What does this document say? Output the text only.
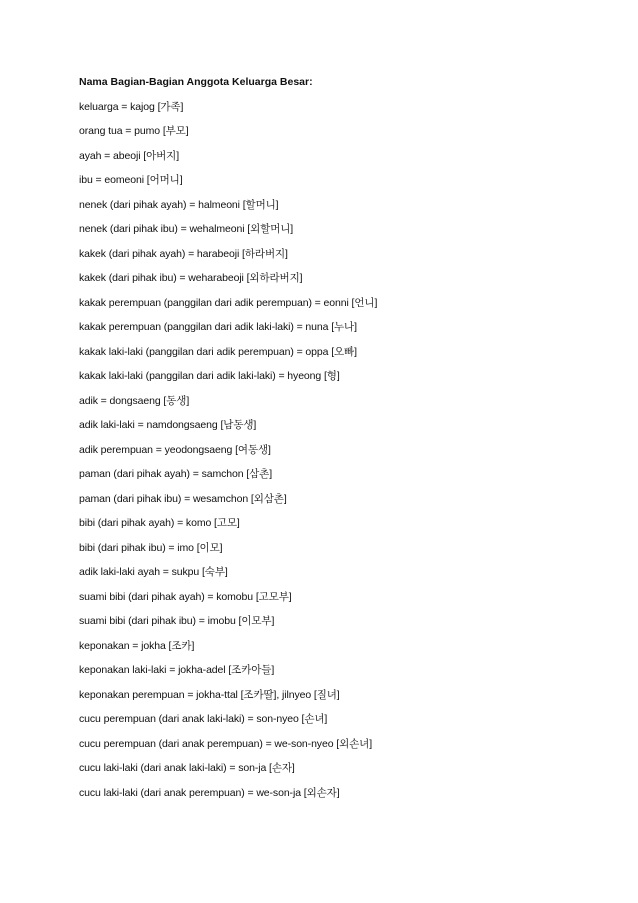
Nama Bagian-Bagian Anggota Keluarga Besar:
keluarga = kajog [가족]
orang tua = pumo [부모]
ayah = abeoji [아버지]
ibu = eomeoni [어머니]
nenek (dari pihak ayah) = halmeoni [할머니]
nenek (dari pihak ibu) = wehalmeoni [외할머니]
kakek (dari pihak ayah) = harabeoji [하라버지]
kakek (dari pihak ibu) = weharabeoji [외하라버지]
kakak perempuan (panggilan dari adik perempuan) = eonni [언니]
kakak perempuan (panggilan dari adik laki-laki) = nuna [누나]
kakak laki-laki (panggilan dari adik perempuan) = oppa [오빠]
kakak laki-laki (panggilan dari adik laki-laki) = hyeong [형]
adik = dongsaeng [동생]
adik laki-laki = namdongsaeng [남동생]
adik perempuan = yeodongsaeng [여동생]
paman (dari pihak ayah) = samchon [삼촌]
paman (dari pihak ibu) = wesamchon [외삼촌]
bibi (dari pihak ayah) = komo [고모]
bibi (dari pihak ibu) = imo [이모]
adik laki-laki ayah = sukpu [숙부]
suami bibi (dari pihak ayah) = komobu [고모부]
suami bibi (dari pihak ibu) = imobu [이모부]
keponakan = jokha [조카]
keponakan laki-laki = jokha-adel [조카아들]
keponakan perempuan = jokha-ttal [조카딸], jilnyeo [질녀]
cucu perempuan (dari anak laki-laki) = son-nyeo [손녀]
cucu perempuan (dari anak perempuan) = we-son-nyeo [외손녀]
cucu laki-laki (dari anak laki-laki) = son-ja [손자]
cucu laki-laki (dari anak perempuan) = we-son-ja [외손자]
